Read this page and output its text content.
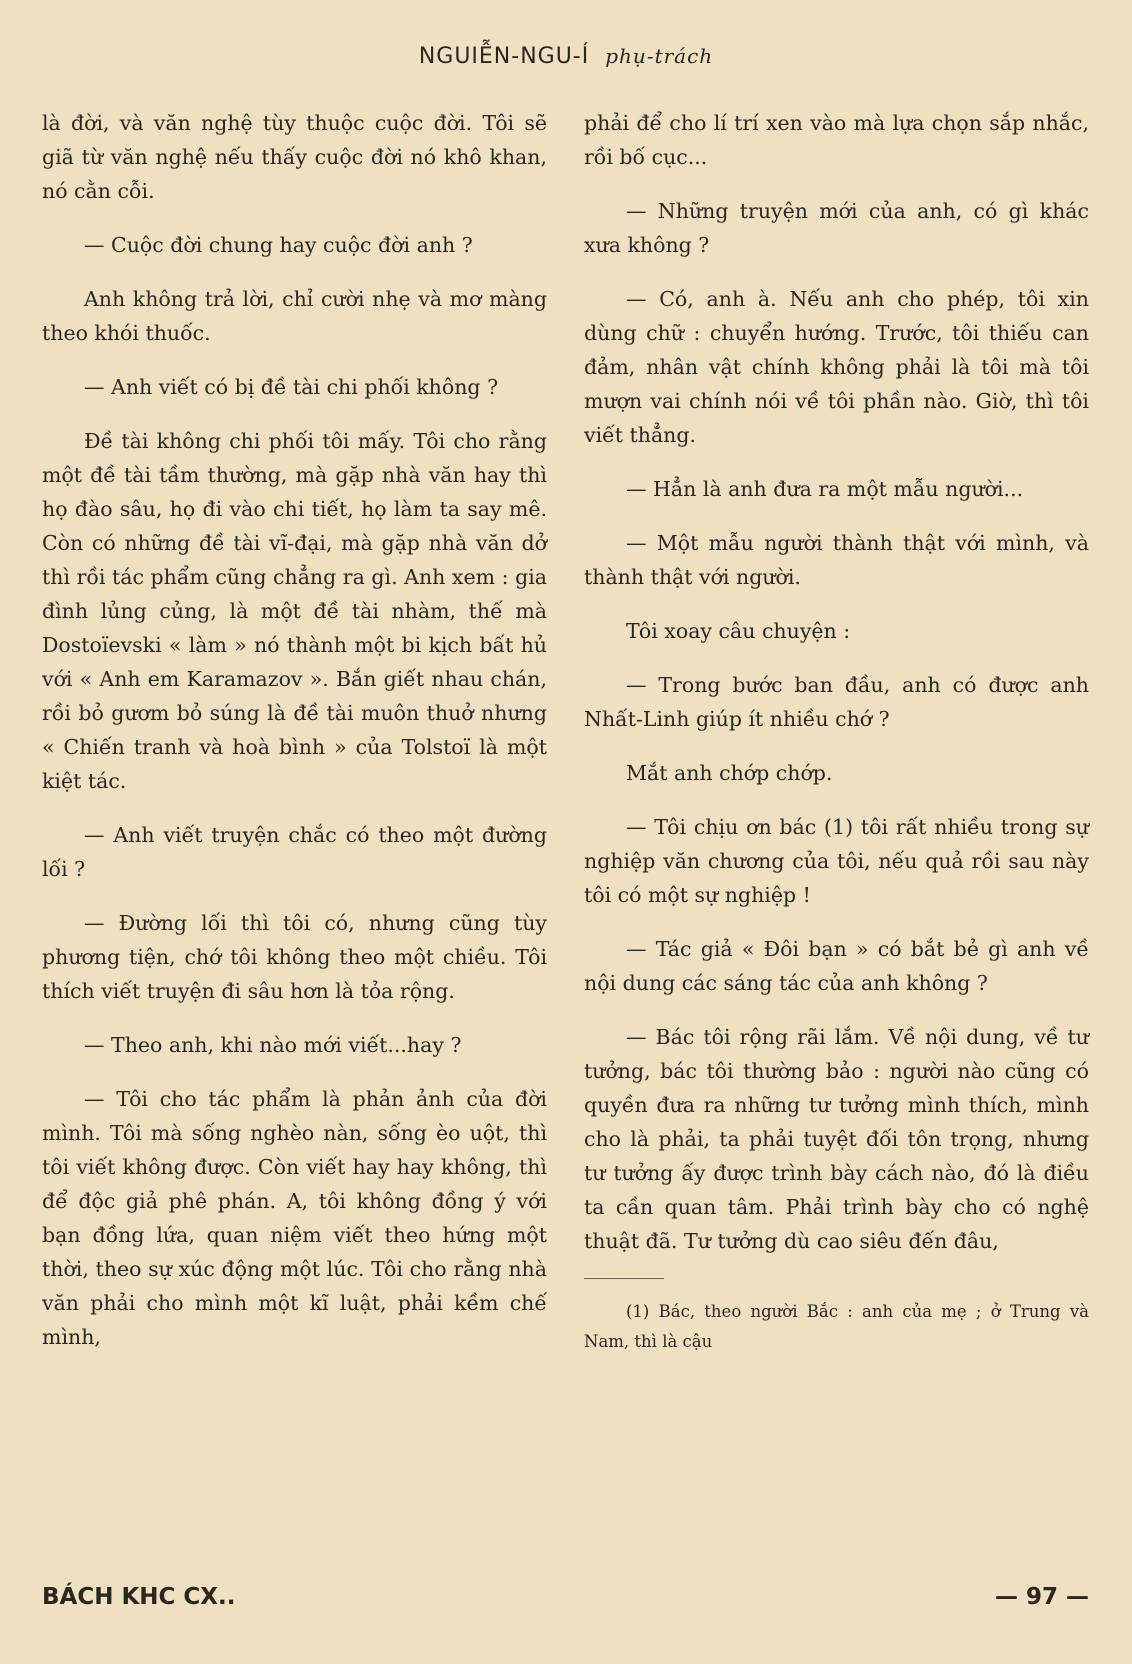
NGUIỄN-NGU-Í phụ-trách

là đời, và văn nghệ tùy thuộc cuộc đời. Tôi sẽ giã từ văn nghệ nếu thấy cuộc đời nó khô khan, nó cằn cỗi.

— Cuộc đời chung hay cuộc đời anh ?

Anh không trả lời, chỉ cười nhẹ và mơ màng theo khói thuốc.

— Anh viết có bị đề tài chi phối không ?

Đề tài không chi phối tôi mấy. Tôi cho rằng một đề tài tầm thường, mà gặp nhà văn hay thì họ đào sâu, họ đi vào chi tiết, họ làm ta say mê. Còn có những đề tài vĩ-đại, mà gặp nhà văn dở thì rồi tác phẩm cũng chẳng ra gì. Anh xem : gia đình lủng củng, là một đề tài nhàm, thế mà Dostoïevski « làm » nó thành một bi kịch bất hủ với « Anh em Karamazov ». Bắn giết nhau chán, rồi bỏ gươm bỏ súng là đề tài muôn thuở nhưng « Chiến tranh và hoà bình » của Tolstoï là một kiệt tác.

— Anh viết truyện chắc có theo một đường lối ?

— Đường lối thì tôi có, nhưng cũng tùy phương tiện, chớ tôi không theo một chiều. Tôi thích viết truyện đi sâu hơn là tỏa rộng.

— Theo anh, khi nào mới viết...hay ?

— Tôi cho tác phẩm là phản ảnh của đời mình. Tôi mà sống nghèo nàn, sống èo uột, thì tôi viết không được. Còn viết hay hay không, thì để độc giả phê phán. A, tôi không đồng ý với bạn đồng lứa, quan niệm viết theo hứng một thời, theo sự xúc động một lúc. Tôi cho rằng nhà văn phải cho mình một kĩ luật, phải kềm chế mình,

phải để cho lí trí xen vào mà lựa chọn sắp nhắc, rồi bố cục...

— Những truyện mới của anh, có gì khác xưa không ?

— Có, anh à. Nếu anh cho phép, tôi xin dùng chữ : chuyển hướng. Trước, tôi thiếu can đảm, nhân vật chính không phải là tôi mà tôi mượn vai chính nói về tôi phần nào. Giờ, thì tôi viết thẳng.

— Hẳn là anh đưa ra một mẫu người...

— Một mẫu người thành thật với mình, và thành thật với người.

Tôi xoay câu chuyện :

— Trong bước ban đầu, anh có được anh Nhất-Linh giúp ít nhiều chớ ?

Mắt anh chớp chớp.

— Tôi chịu ơn bác (1) tôi rất nhiều trong sự nghiệp văn chương của tôi, nếu quả rồi sau này tôi có một sự nghiệp !

— Tác giả « Đôi bạn » có bắt bẻ gì anh về nội dung các sáng tác của anh không ?

— Bác tôi rộng rãi lắm. Về nội dung, về tư tưởng, bác tôi thường bảo : người nào cũng có quyền đưa ra những tư tưởng mình thích, mình cho là phải, ta phải tuyệt đối tôn trọng, nhưng tư tưởng ấy được trình bày cách nào, đó là điều ta cần quan tâm. Phải trình bày cho có nghệ thuật đã. Tư tưởng dù cao siêu đến đâu,

(1) Bác, theo người Bắc : anh của mẹ ; ở Trung và Nam, thì là cậu

BÁCH KHC CX..	— 97 —
